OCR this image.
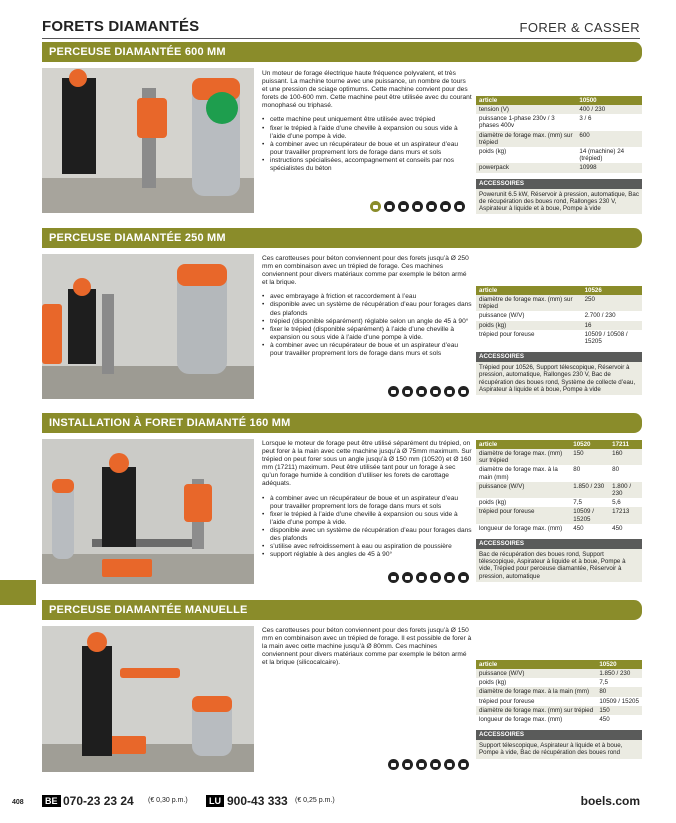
FORETS DIAMANTÉS	FORER & CASSER
PERCEUSE DIAMANTÉE 600 MM

Un moteur de forage électrique haute fréquence polyvalent, et très puissant. La machine tourne avec une puissance, un nombre de tours et une pression de sciage optimums. Cette machine convient pour des forets de 100-600 mm. Cette machine peut être utilisée avec du courant monophasé ou triphasé.

• cette machine peut uniquement être utilisée avec trépied
• fixer le trépied à l’aide d’une cheville à expansion ou sous vide à l’aide d’une pompe à vide.
• à combiner avec un récupérateur de boue et un aspirateur d’eau pour travailler proprement lors de forage dans murs et sols
• instructions spécialisées, accompagnement et conseils par nos spécialistes du béton
article	10500
tension (V)	400 / 230
puissance 1-phase 230v / 3 phases 400v	3 / 6
diamètre de forage max. (mm) sur trépied	600
poids (kg)	14 (machine) 24 (trépied)
powerpack	10998
ACCESSOIRES
Powerunit 6.5 kW, Réservoir à pression, automatique, Bac de récupération des boues rond, Rallonges 230 V, Aspirateur à liquide et à boue, Pompe à vide
PERCEUSE DIAMANTÉE 250 MM

Ces carotteuses pour béton conviennent pour des forets jusqu’à Ø 250 mm en combinaison avec un trépied de forage. Ces machines conviennent pour divers matériaux comme par exemple le béton armé et la brique.

• avec embrayage à friction et raccordement à l’eau
• disponible avec un système de récupération d’eau pour forages dans des plafonds
• trépied (disponible séparément) réglable selon un angle de 45 à 90°
• fixer le trépied (disponible séparément) à l’aide d’une cheville à expansion ou sous vide à l’aide d’une pompe à vide.
• à combiner avec un récupérateur de boue et un aspirateur d’eau pour travailler proprement lors de forage dans murs et sols
article	10526
diamètre de forage max. (mm) sur trépied	250
puissance (W/V)	2.700 / 230
poids (kg)	16
trépied pour foreuse	10509 / 10508 / 15205
ACCESSOIRES
Trépied pour 10526, Support télescopique, Réservoir à pression, automatique, Rallonges 230 V, Bac de récupération des boues rond, Système de collecte d’eau, Aspirateur à liquide et à boue, Pompe à vide
INSTALLATION À FORET DIAMANTÉ 160 MM

Lorsque le moteur de forage peut être utilisé séparément du trépied, on peut forer à la main avec cette machine jusqu’à Ø 75mm maximum. Sur trépied on peut forer sous un angle jusqu’à Ø 150 mm (10520) et Ø 160 mm (17211) maximum. Peut être utilisée tant pour un forage à sec qu’un forage humide à condition d’utiliser les forets de carottage adéquats.

• à combiner avec un récupérateur de boue et un aspirateur d’eau pour travailler proprement lors de forage dans murs et sols
• fixer le trépied à l’aide d’une cheville à expansion ou sous vide à l’aide d’une pompe à vide.
• disponible avec un système de récupération d’eau pour forages dans des plafonds
• s’utilise avec refroidissement à eau ou aspiration de poussière
• support réglable à des angles de 45 à 90°
article	10520	17211
diamètre de forage max. (mm) sur trépied	150	160
diamètre de forage max. à la main (mm)	80	80
puissance (W/V)	1.850 / 230	1.800 / 230
poids (kg)	7,5	5,6
trépied pour foreuse	10509 / 15205	17213
longueur de forage max. (mm)	450	450
ACCESSOIRES
Bac de récupération des boues rond, Support télescopique, Aspirateur à liquide et à boue, Pompe à vide, Trépied pour perceuse diamantée, Réservoir à pression, automatique
PERCEUSE DIAMANTÉE MANUELLE

Ces carotteuses pour béton conviennent pour des forets jusqu’à Ø 150 mm en combinaison avec un trépied de forage. Il est possible de forer à la main avec cette machine jusqu’à Ø 80mm. Ces machines conviennent pour divers matériaux comme par exemple le béton armé et la brique (silicocalcaire).	article	10520
puissance (W/V)	1.850 / 230
poids (kg)	7,5
diamètre de forage max. à la main (mm)	80
trépied pour foreuse	10509 / 15205
diamètre de forage max. (mm) sur trépied	150
longueur de forage max. (mm)	450
ACCESSOIRES
Support télescopique, Aspirateur à liquide et à boue, Pompe à vide, Bac de récupération des boues rond
408	BE 070-23 23 24 (€ 0,30 p.m.)	LU 900-43 333 (€ 0,25 p.m.)	boels.com
